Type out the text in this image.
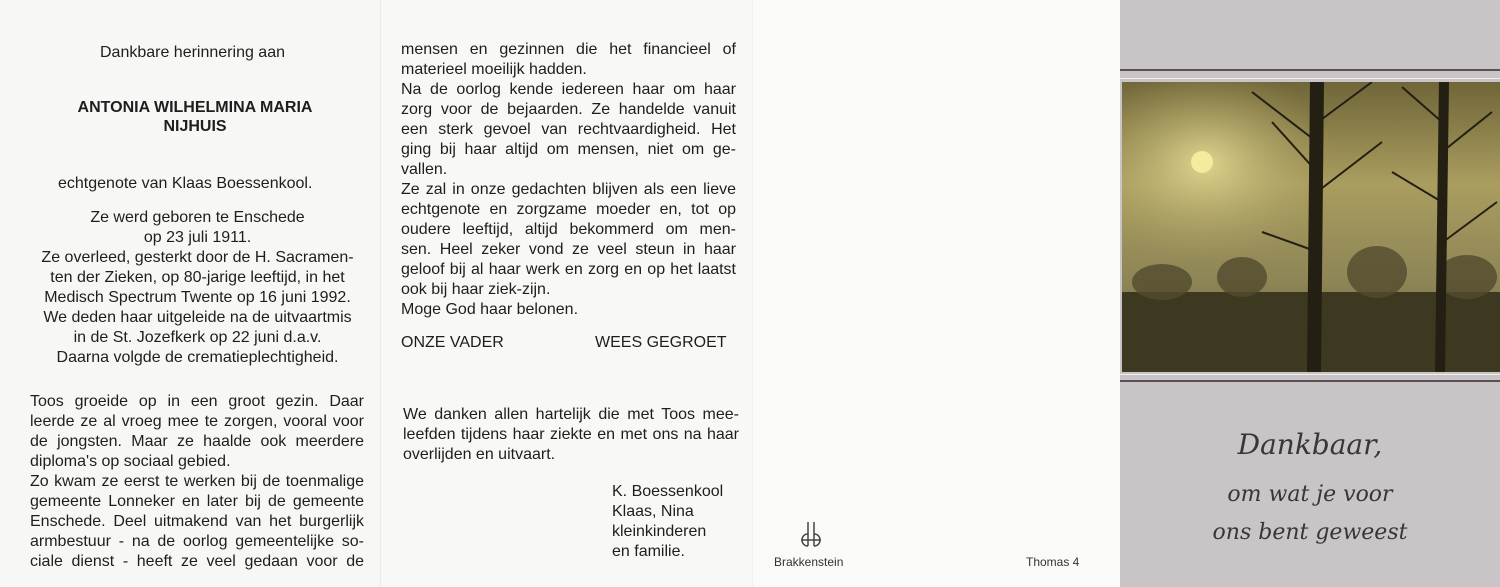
Dankbare herinnering aan
ANTONIA WILHELMINA MARIA
NIJHUIS
echtgenote van Klaas Boessenkool.
Ze werd geboren te Enschede
op 23 juli 1911.
Ze overleed, gesterkt door de H. Sacramen-
ten der Zieken, op 80-jarige leeftijd, in het
Medisch Spectrum Twente op 16 juni 1992.
We deden haar uitgeleide na de uitvaartmis
in de St. Jozefkerk op 22 juni d.a.v.
Daarna volgde de crematieplechtigheid.
Toos groeide op in een groot gezin. Daar
leerde ze al vroeg mee te zorgen, vooral voor
de jongsten. Maar ze haalde ook meerdere
diploma's op sociaal gebied.
Zo kwam ze eerst te werken bij de toenmalige
gemeente Lonneker en later bij de gemeente
Enschede. Deel uitmakend van het burgerlijk
armbestuur - na de oorlog gemeentelijke so-
ciale dienst - heeft ze veel gedaan voor de
mensen en gezinnen die het financieel of
materieel moeilijk hadden.
Na de oorlog kende iedereen haar om haar
zorg voor de bejaarden. Ze handelde vanuit
een sterk gevoel van rechtvaardigheid. Het
ging bij haar altijd om mensen, niet om ge-
vallen.
Ze zal in onze gedachten blijven als een lieve
echtgenote en zorgzame moeder en, tot op
oudere leeftijd, altijd bekommerd om men-
sen. Heel zeker vond ze veel steun in haar
geloof bij al haar werk en zorg en op het laatst
ook bij haar ziek-zijn.
Moge God haar belonen.
ONZE VADER	WEES GEGROET
We danken allen hartelijk die met Toos mee-
leefden tijdens haar ziekte en met ons na haar
overlijden en uitvaart.
K. Boessenkool
Klaas, Nina
kleinkinderen
en familie.
Brakkenstein	Thomas 4
Dankbaar,
om wat je voor
ons bent geweest
